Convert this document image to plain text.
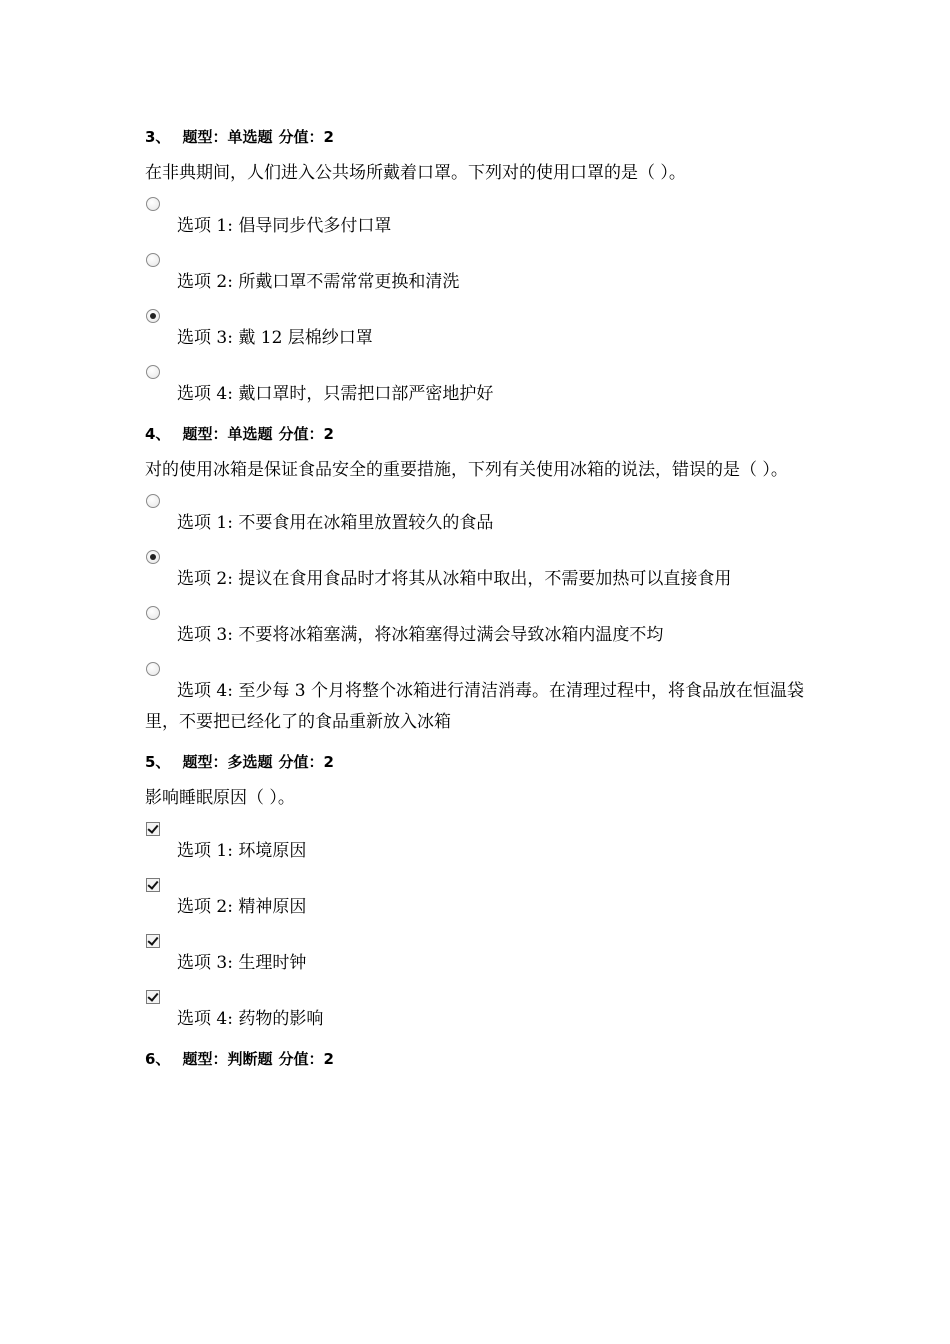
3、 题型：单选题 分值：2
在非典期间，人们进入公共场所戴着口罩。下列对的使用口罩的是（ ）。
选项 1: 倡导同步代多付口罩
选项 2: 所戴口罩不需常常更换和清洗
选项 3: 戴 12 层棉纱口罩
选项 4: 戴口罩时，只需把口部严密地护好
4、 题型：单选题 分值：2
对的使用冰箱是保证食品安全的重要措施，下列有关使用冰箱的说法，错误的是（ ）。
选项 1: 不要食用在冰箱里放置较久的食品
选项 2: 提议在食用食品时才将其从冰箱中取出，不需要加热可以直接食用
选项 3: 不要将冰箱塞满，将冰箱塞得过满会导致冰箱内温度不均
选项 4: 至少每 3 个月将整个冰箱进行清洁消毒。在清理过程中，将食品放在恒温袋里，不要把已经化了的食品重新放入冰箱
5、 题型：多选题 分值：2
影响睡眠原因（ ）。
选项 1: 环境原因
选项 2: 精神原因
选项 3: 生理时钟
选项 4: 药物的影响
6、 题型：判断题 分值：2
